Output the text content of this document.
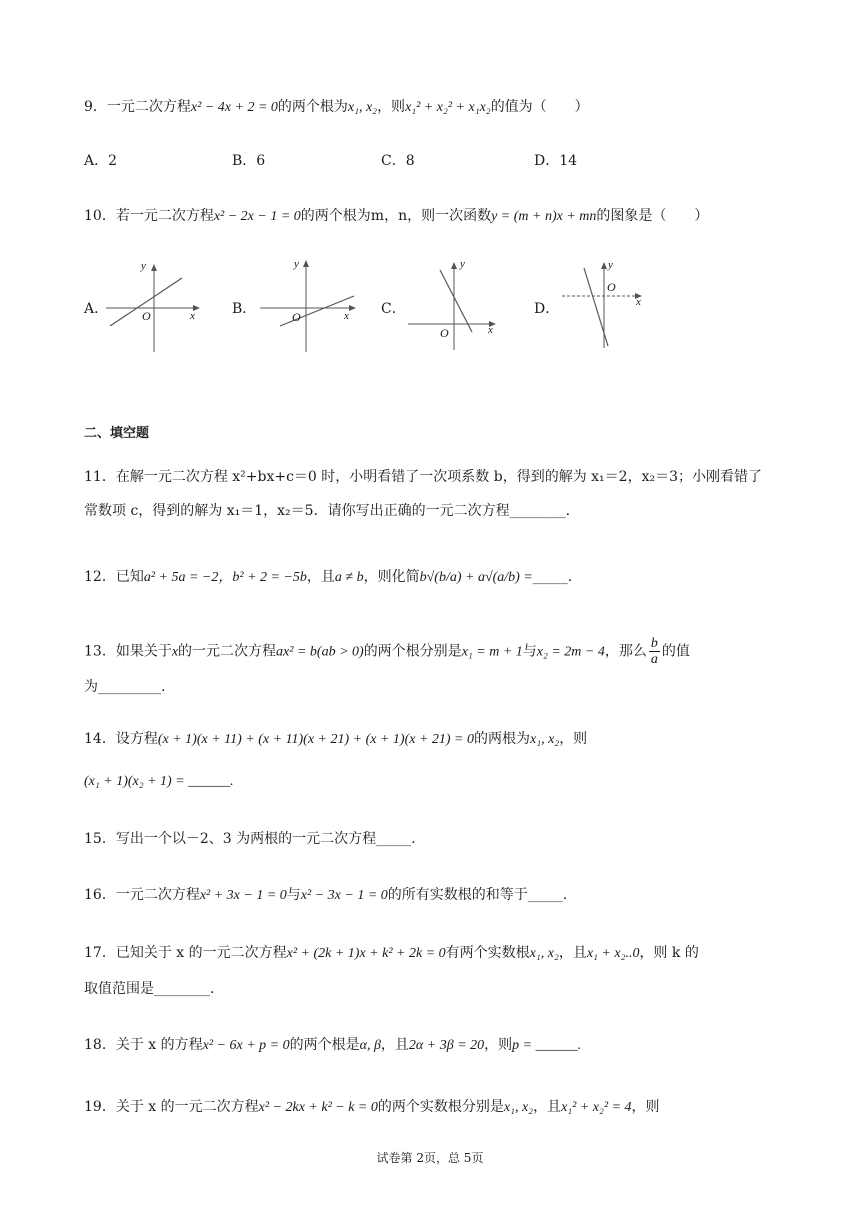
9．一元二次方程x² − 4x + 2 = 0的两个根为x₁, x₂，则x₁² + x₂² + x₁x₂的值为（　　）
A．2	B．6	C．8	D．14
10．若一元二次方程x² − 2x − 1 = 0的两个根为m，n，则一次函数y = (m + n)x + mn的图象是（　　）
A．	B．	C．	D．
y
x
O
y
x
O
y
x
O
y
x
O
二、填空题
11．在解一元二次方程 x²+bx+c＝0 时，小明看错了一次项系数 b，得到的解为 x₁＝2，x₂＝3；小刚看错了
常数项 c，得到的解为 x₁＝1，x₂＝5．请你写出正确的一元二次方程________.
12．已知a² + 5a = −2，b² + 2 = −5b，且a ≠ b，则化简b√(b/a) + a√(a/b) =_____.
13．如果关于x的一元二次方程ax² = b(ab > 0)的两个根分别是x₁ = m + 1与x₂ = 2m − 4，那么 $\frac{b}{a}$ 的值
为_________.
14．设方程(x + 1)(x + 11) + (x + 11)(x + 21) + (x + 1)(x + 21) = 0的两根为x₁, x₂，则
(x₁ + 1)(x₂ + 1) = ______.
15．写出一个以－2、3 为两根的一元二次方程_____.
16．一元二次方程x² + 3x − 1 = 0与x² − 3x − 1 = 0的所有实数根的和等于_____.
17．已知关于 x 的一元二次方程x² + (2k + 1)x + k² + 2k = 0有两个实数根x₁, x₂，且x₁ + x₂..0，则 k 的
取值范围是________.
18．关于 x 的方程x² − 6x + p = 0的两个根是α, β，且2α + 3β = 20，则p = ______.
19．关于 x 的一元二次方程x² − 2kx + k² − k = 0的两个实数根分别是x₁, x₂，且x₁² + x₂² = 4，则
试卷第 2页，总 5页
